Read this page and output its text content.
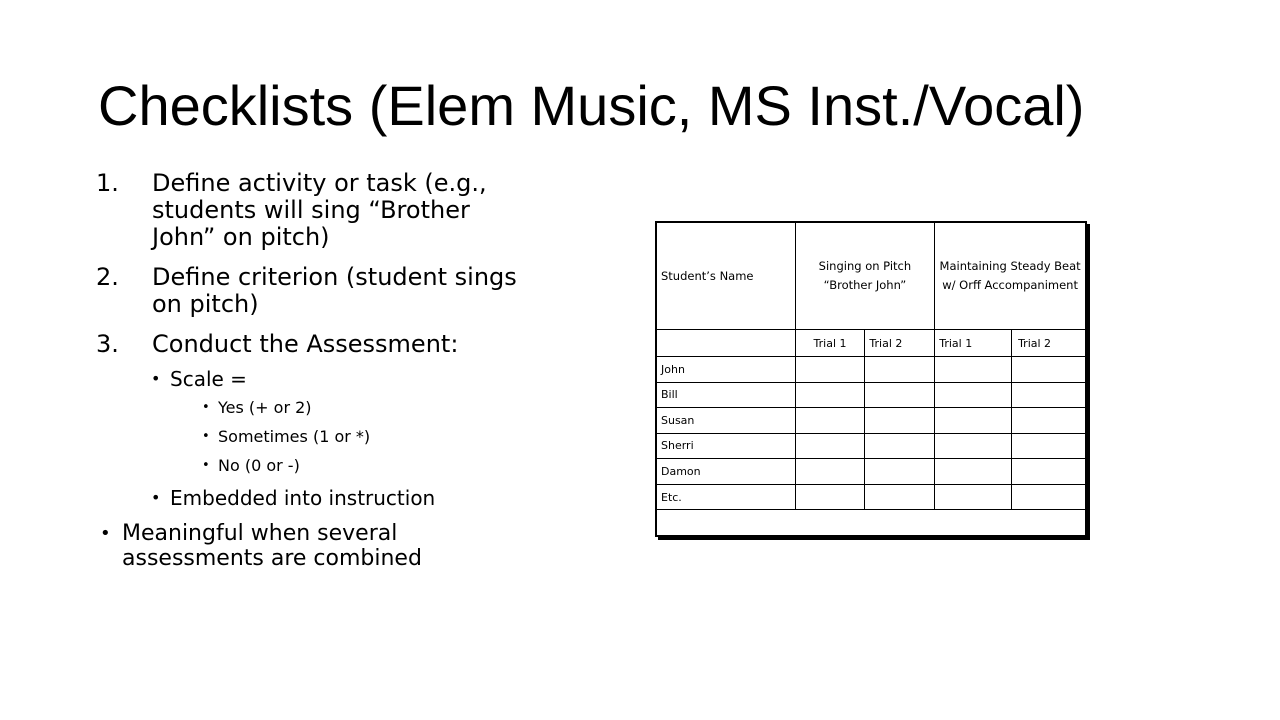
Checklists (Elem Music, MS Inst./Vocal)
1. Define activity or task (e.g., students will sing “Brother John” on pitch)
2. Define criterion (student sings on pitch)
3. Conduct the Assessment:
• Scale =
• Yes (+ or 2)
• Sometimes (1 or *)
• No (0 or -)
• Embedded into instruction
• Meaningful when several assessments are combined
Student’s Name	Singing on Pitch “Brother John”		Maintaining Steady Beat w/ Orff Accompaniment	
	Trial 1	Trial 2	Trial 1	Trial 2
John				
Bill				
Susan				
Sherri				
Damon				
Etc.				
